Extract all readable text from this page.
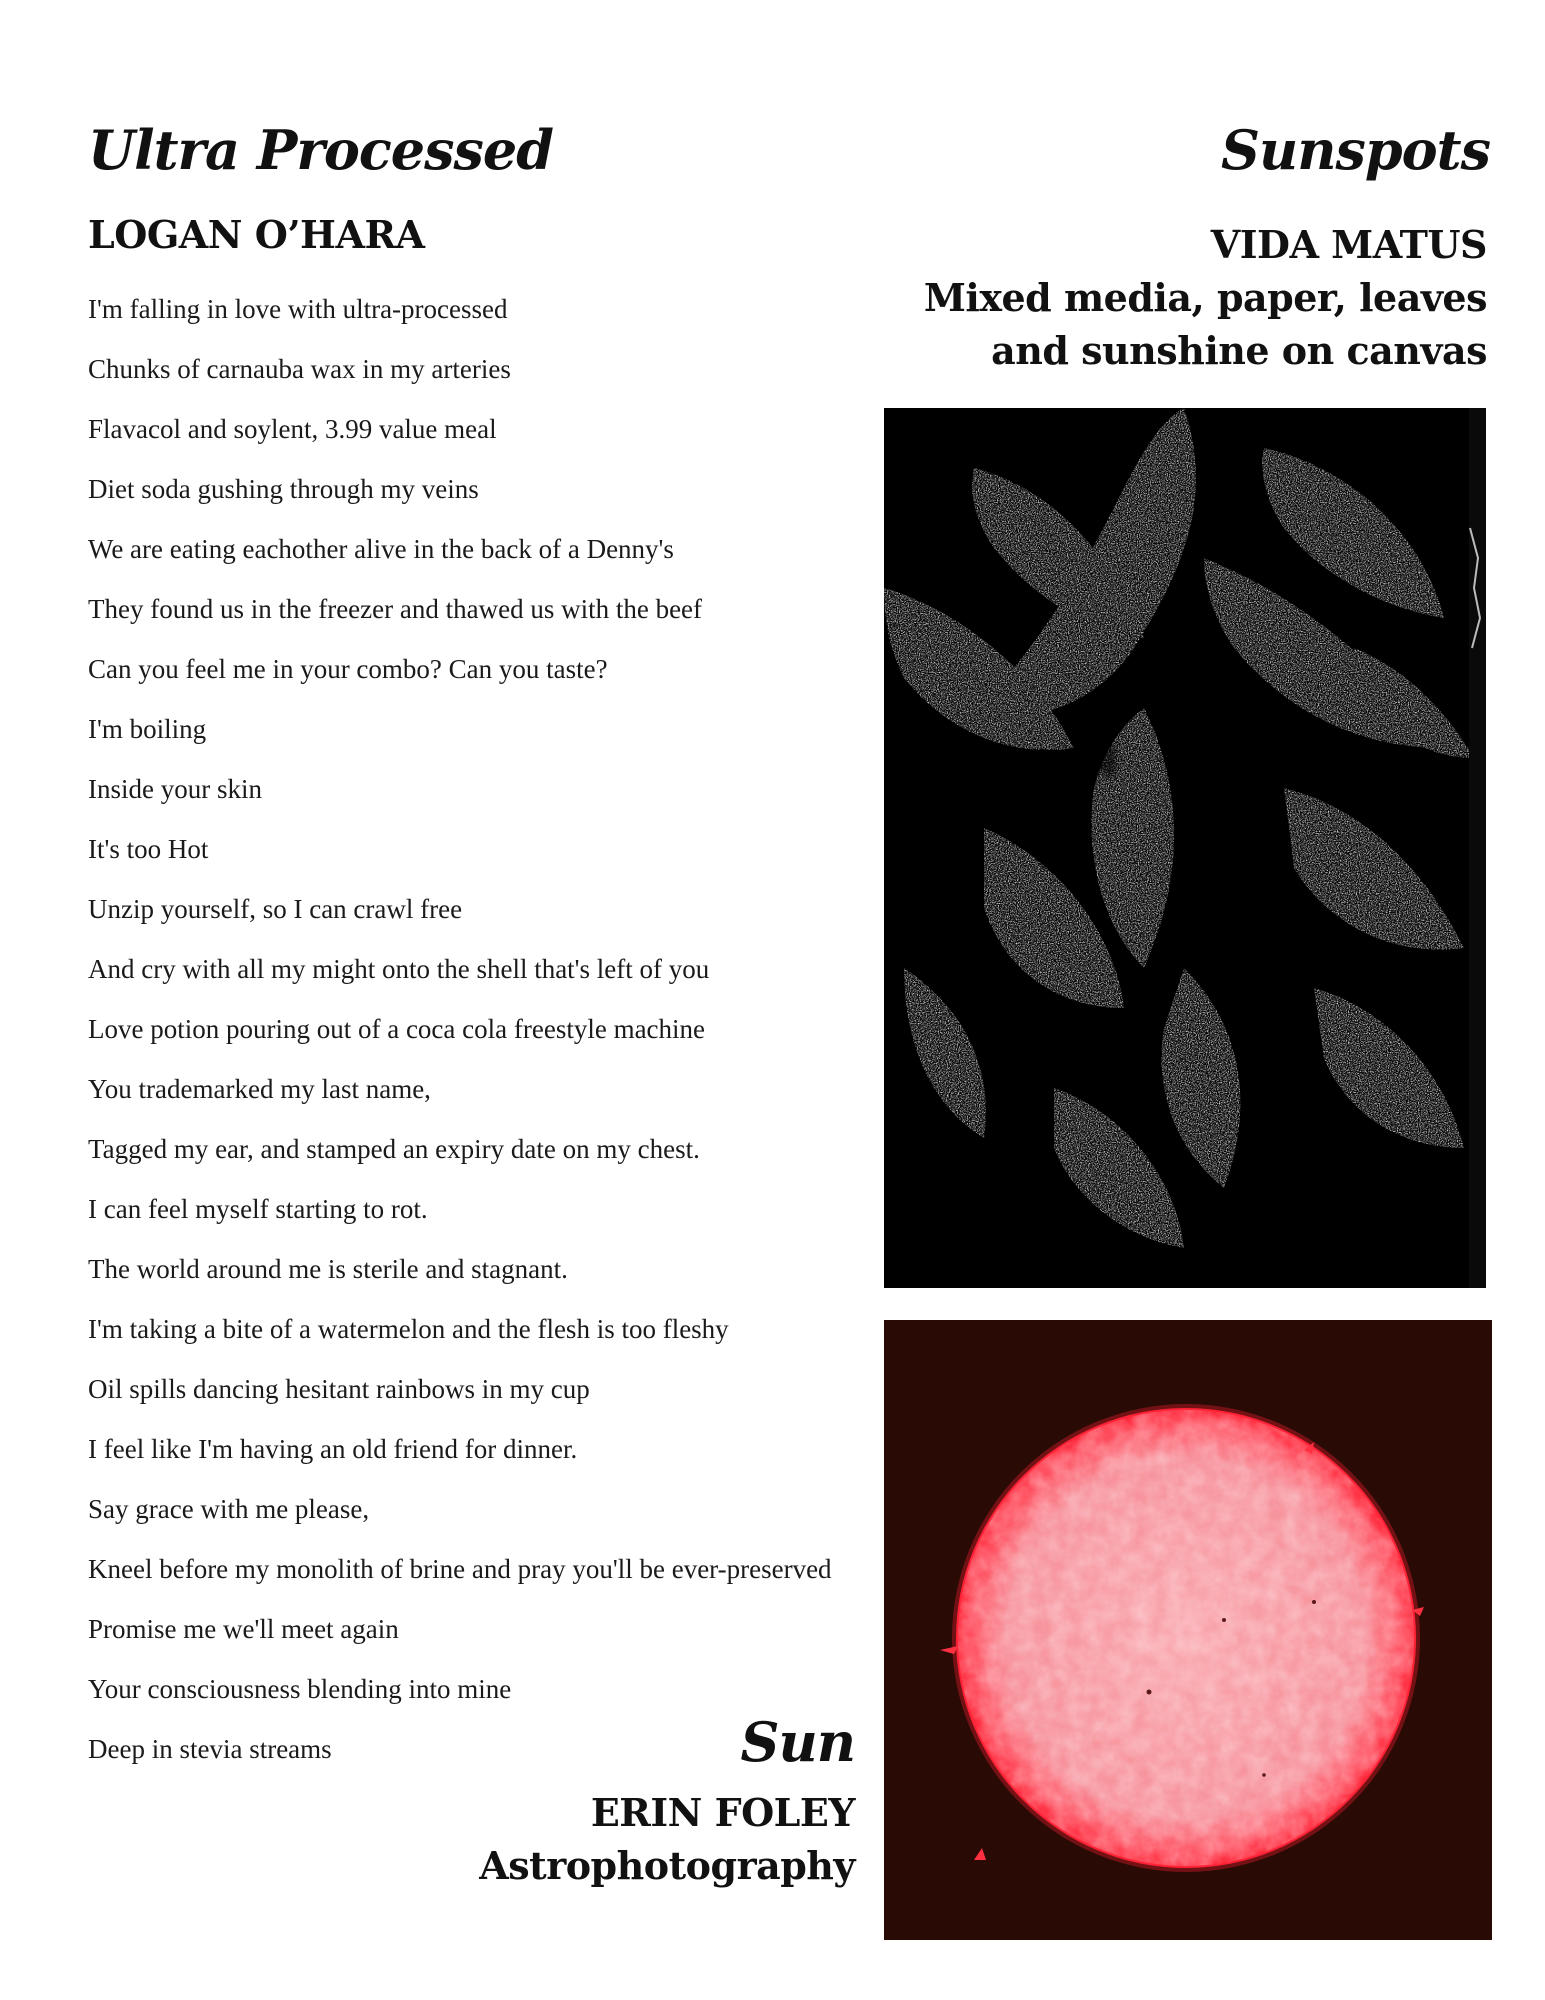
Ultra Processed
LOGAN O’HARA
I'm falling in love with ultra-processed
Chunks of carnauba wax in my arteries
Flavacol and soylent, 3.99 value meal
Diet soda gushing through my veins
We are eating eachother alive in the back of a Denny's
They found us in the freezer and thawed us with the beef
Can you feel me in your combo? Can you taste?
I'm boiling
Inside your skin
It's too Hot
Unzip yourself, so I can crawl free
And cry with all my might onto the shell that's left of you
Love potion pouring out of a coca cola freestyle machine
You trademarked my last name,
Tagged my ear, and stamped an expiry date on my chest.
I can feel myself starting to rot.
The world around me is sterile and stagnant.
I'm taking a bite of a watermelon and the flesh is too fleshy
Oil spills dancing hesitant rainbows in my cup
I feel like I'm having an old friend for dinner.
Say grace with me please,
Kneel before my monolith of brine and pray you'll be ever-preserved
Promise me we'll meet again
Your consciousness blending into mine
Deep in stevia streams
Sunspots
VIDA MATUS
Mixed media, paper, leaves
and sunshine on canvas
Sun
ERIN FOLEY
Astrophotography
